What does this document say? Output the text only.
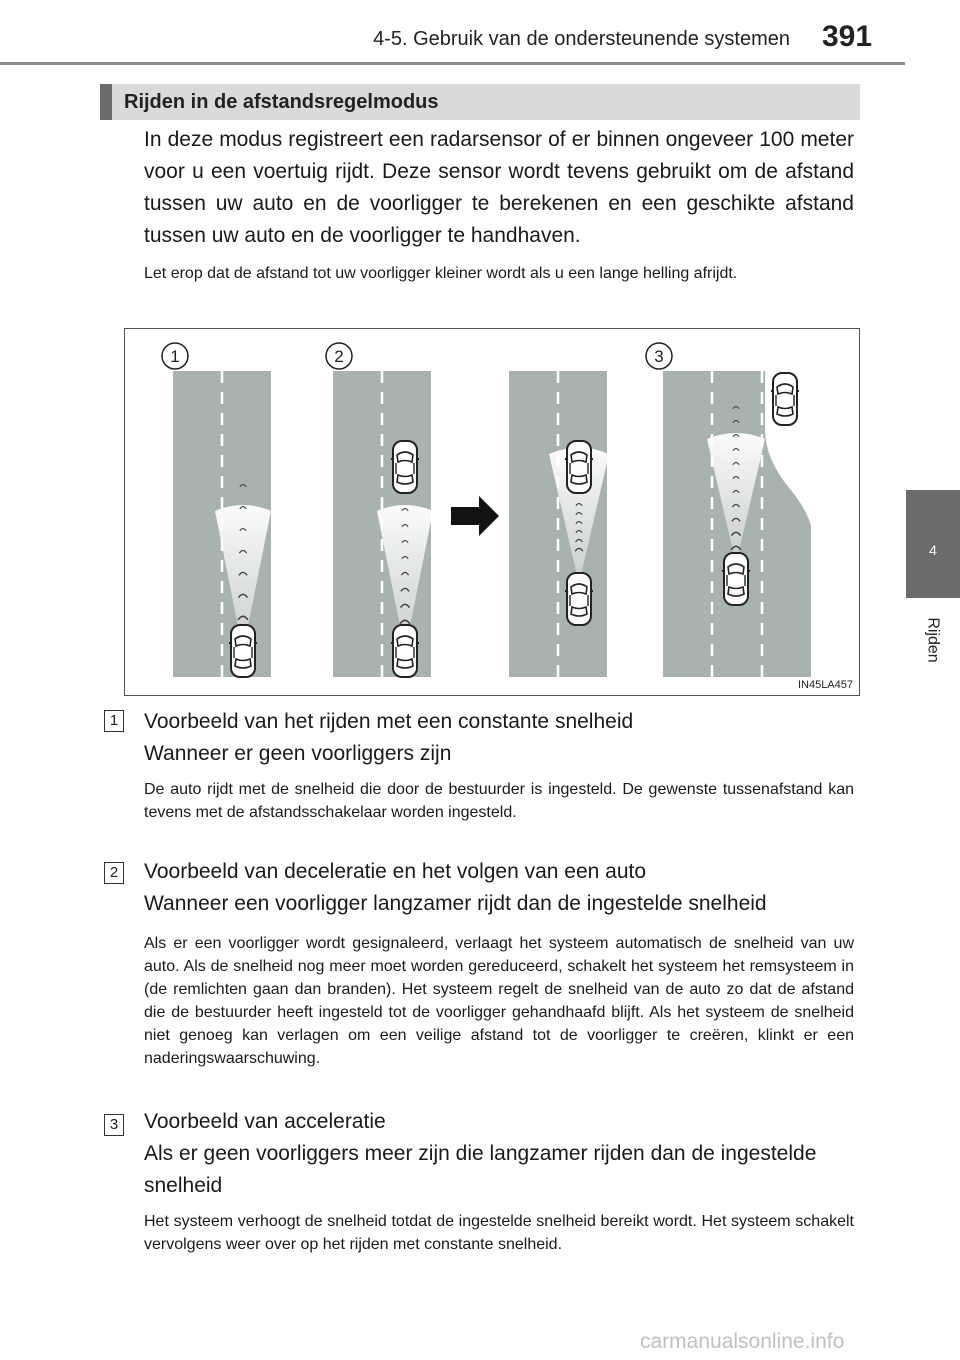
4-5. Gebruik van de ondersteunende systemen 391
4
Rijden
Rijden in de afstandsregelmodus
In deze modus registreert een radarsensor of er binnen ongeveer 100 meter voor u een voertuig rijdt. Deze sensor wordt tevens gebruikt om de afstand tussen uw auto en de voorligger te berekenen en een geschikte afstand tussen uw auto en de voorligger te handhaven.
Let erop dat de afstand tot uw voorligger kleiner wordt als u een lange helling afrijdt.
1	2	3
IN45LA457
1 Voorbeeld van het rijden met een constante snelheid
Wanneer er geen voorliggers zijn
De auto rijdt met de snelheid die door de bestuurder is ingesteld. De gewenste tussenafstand kan tevens met de afstandsschakelaar worden ingesteld.
2 Voorbeeld van deceleratie en het volgen van een auto
Wanneer een voorligger langzamer rijdt dan de ingestelde snelheid
Als er een voorligger wordt gesignaleerd, verlaagt het systeem automatisch de snelheid van uw auto. Als de snelheid nog meer moet worden gereduceerd, schakelt het systeem het remsysteem in (de remlichten gaan dan branden). Het systeem regelt de snelheid van de auto zo dat de afstand die de bestuurder heeft ingesteld tot de voorligger gehandhaafd blijft. Als het systeem de snelheid niet genoeg kan verlagen om een veilige afstand tot de voorligger te creëren, klinkt er een naderingswaarschuwing.
3 Voorbeeld van acceleratie
Als er geen voorliggers meer zijn die langzamer rijden dan de ingestelde snelheid
Het systeem verhoogt de snelheid totdat de ingestelde snelheid bereikt wordt. Het systeem schakelt vervolgens weer over op het rijden met constante snelheid.
carmanualsonline.info
